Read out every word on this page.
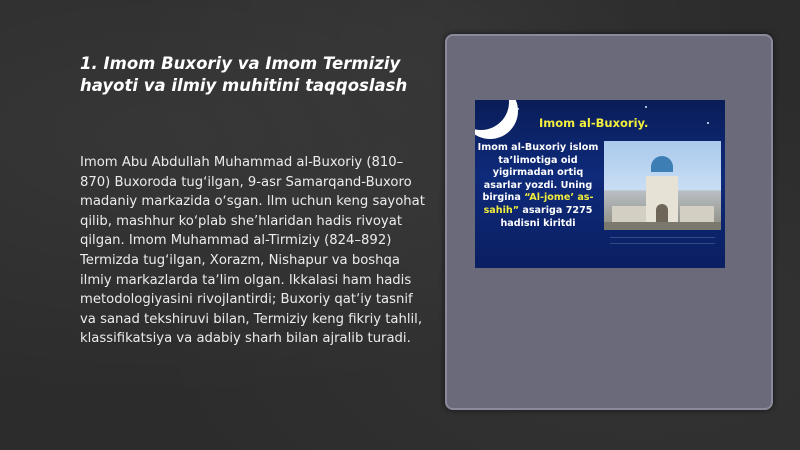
1. Imom Buxoriy va Imom Termiziy hayoti va ilmiy muhitini taqqoslash

Imom Abu Abdullah Muhammad al-Buxoriy (810–870) Buxoroda tugʻilgan, 9-asr Samarqand-Buxoro madaniy markazida oʻsgan. Ilm uchun keng sayohat qilib, mashhur koʻplab she’hlaridan hadis rivoyat qilgan. Imom Muhammad al-Tirmiziy (824–892) Termizda tugʻilgan, Xorazm, Nishapur va boshqa ilmiy markazlarda taʼlim olgan. Ikkalasi ham hadis metodologiyasini rivojlantirdi; Buxoriy qatʼiy tasnif va sanad tekshiruvi bilan, Termiziy keng fikriy tahlil, klassifikatsiya va adabiy sharh bilan ajralib turadi.

Imom al-Buxoriy.

Imom al-Buxoriy islom ta’limotiga oid yigirmadan ortiq asarlar yozdi. Uning birgina “Al-jome’ as-sahih” asariga 7275 hadisni kiritdi
